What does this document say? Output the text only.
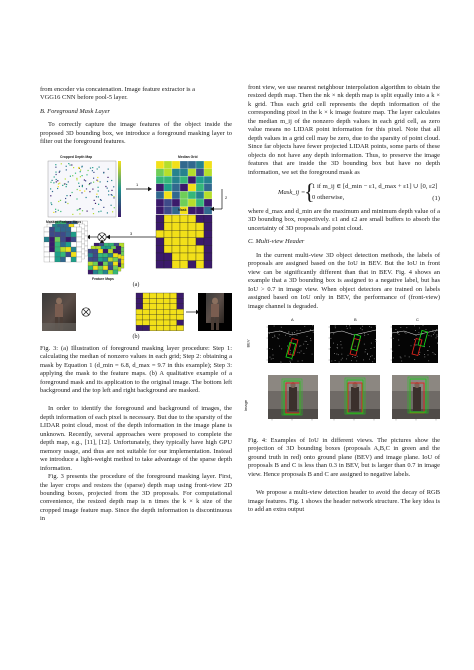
from encoder via concatenation. Image feature extractor is a

VGG16 CNN before pool-5 layer.

B. Foreground Mask Layer

To correctly capture the image features of the object inside the proposed 3D bounding box, we introduce a foreground masking layer to filter out the foreground features.

Cropped Depth Map	Median Grid
Mask
Masked Feature Maps
Feature Maps
1
2
3
(a)
(b)

Fig. 3: (a) Illustration of foreground masking layer procedure: Step 1: calculating the median of nonzero values in each grid; Step 2: obtaining a mask by Equation 1 (d_min = 6.8, d_max = 9.7 in this example); Step 3: applying the mask to the feature maps. (b) A qualitative example of a foreground mask and its application to the original image. The bottom left background and the top left and right background are masked.

In order to identify the foreground and background of images, the depth information of each pixel is necessary. But due to the sparsity of the LIDAR point cloud, most of the depth information in the image plane is unknown. Recently, several approaches were proposed to complete the depth map, e.g., [11], [12]. Unfortunately, they typically have high GPU memory usage, and thus are not suitable for our implementation. Instead we introduce a light-weight method to take advantage of the sparse depth information.

Fig. 3 presents the procedure of the foreground masking layer. First, the layer crops and resizes the (sparse) depth map using front-view 2D bounding boxes, projected from the 3D proposals. For computational convenience, the resized depth map is n times the k × k size of the cropped image feature map. Since the depth information is discontinuous in

front view, we use nearest neighbour interpolation algorithm to obtain the resized depth map. Then the nk × nk depth map is split equally into a k × k grid. Thus each grid cell represents the depth information of the corresponding pixel in the k × k image feature map. The layer calculates the median m_ij of the nonzero depth values in each grid cell, as zero value means no LIDAR point information for this pixel. Note that all depth values in a grid cell may be zero, due to the sparsity of point cloud. Since far objects have fewer projected LIDAR points, some parts of these objects do not have any depth information. Thus, to preserve the image features that are inside the 3D bounding box but have no depth information, we set the foreground mask as

Mask_ij =
{
1 if m_ij ∈ [d_min − ε1, d_max + ε1] ∪ [0, ε2]
0 otherwise,	(1)

where d_max and d_min are the maximum and minimum depth value of a 3D bounding box, respectively. ε1 and ε2 are small buffers to absorb the uncertainty of 3D proposals and point cloud.

C. Multi-view Header

In the current multi-view 3D object detection methods, the labels of proposals are assigned based on the IoU in BEV. But the IoU in front view can be significantly different than that in BEV. Fig. 4 shows an example that a 3D bounding box is assigned to a negative label, but has IoU > 0.7 in image view. When object detectors are trained on labels assigned based on IoU only in BEV, the performance of (front-view) image channel is degraded.

A	B	C
BEV
Image

Fig. 4: Examples of IoU in different views. The pictures show the projection of 3D bounding boxes (proposals A,B,C in green and the ground truth in red) onto ground plane (BEV) and image plane. IoU of proposals B and C is less than 0.3 in BEV, but is larger than 0.7 in image view. Hence proposals B and C are assigned to negative labels.

We propose a multi-view detection header to avoid the decay of RGB image features. Fig. 1 shows the header network structure. The key idea is to add an extra output
